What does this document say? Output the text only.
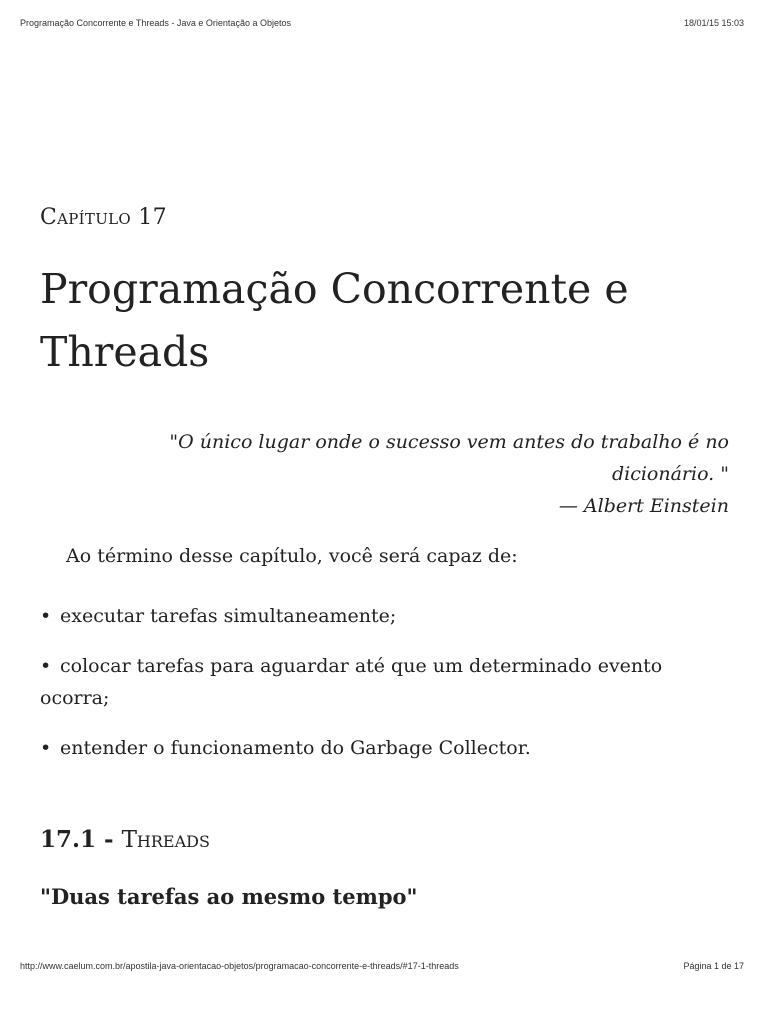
Programação Concorrente e Threads - Java e Orientação a Objetos	18/01/15 15:03
Capítulo 17
Programação Concorrente e Threads
"O único lugar onde o sucesso vem antes do trabalho é no dicionário. "
— Albert Einstein
Ao término desse capítulo, você será capaz de:
• executar tarefas simultaneamente;
• colocar tarefas para aguardar até que um determinado evento ocorra;
• entender o funcionamento do Garbage Collector.
17.1 - Threads
"Duas tarefas ao mesmo tempo"
http://www.caelum.com.br/apostila-java-orientacao-objetos/programacao-concorrente-e-threads/#17-1-threads	Página 1 de 17
